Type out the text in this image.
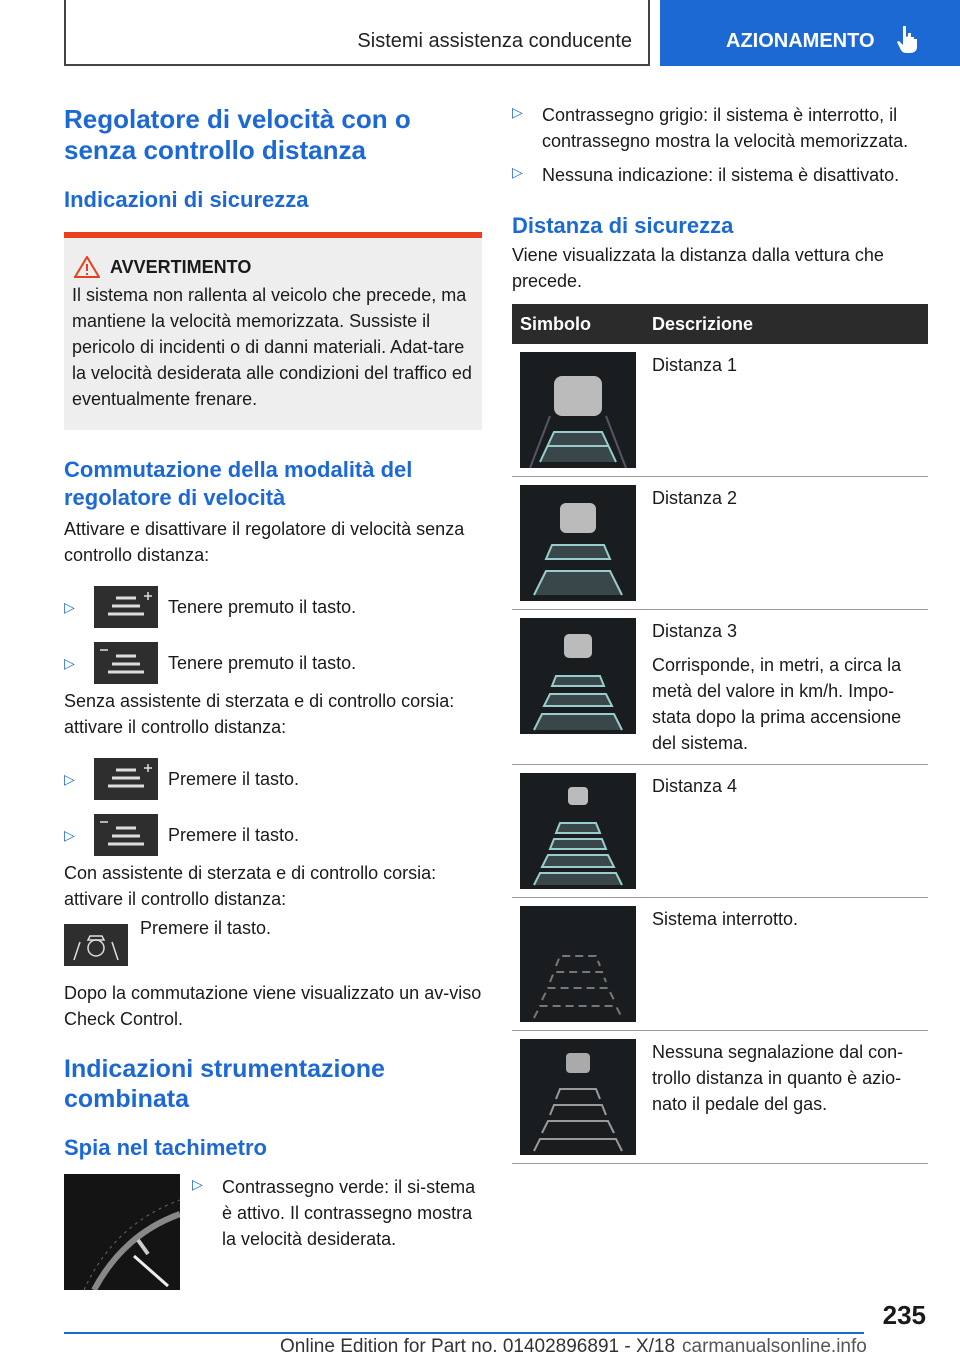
Sistemi assistenza conducente	AZIONAMENTO
Regolatore di velocità con o senza controllo distanza
Indicazioni di sicurezza
AVVERTIMENTO

Il sistema non rallenta al veicolo che precede, ma mantiene la velocità memorizzata. Sussiste il pericolo di incidenti o di danni materiali. Adat-tare la velocità desiderata alle condizioni del traffico ed eventualmente frenare.

Commutazione della modalità del regolatore di velocità

Attivare e disattivare il regolatore di velocità senza controllo distanza:

▷	Tenere premuto il tasto.
▷	Tenere premuto il tasto.

Senza assistente di sterzata e di controllo corsia: attivare il controllo distanza:

▷	Premere il tasto.
▷	Premere il tasto.

Con assistente di sterzata e di controllo corsia: attivare il controllo distanza:

Premere il tasto.

Dopo la commutazione viene visualizzato un av-viso Check Control.

Indicazioni strumentazione combinata
Spia nel tachimetro
▷	Contrassegno verde: il si-stema è attivo. Il contrassegno mostra la velocità desiderata.

▷	Contrassegno grigio: il sistema è interrotto, il contrassegno mostra la velocità memorizzata.

▷	Nessuna indicazione: il sistema è disattivato.

Distanza di sicurezza

Viene visualizzata la distanza dalla vettura che precede.

Simbolo	Descrizione

Distanza 1

Distanza 2

Distanza 3
Corrisponde, in metri, a circa la metà del valore in km/h. Impo-stata dopo la prima accensione del sistema.

Distanza 4

Sistema interrotto.

Nessuna segnalazione dal con-trollo distanza in quanto è azio-nato il pedale del gas.
235
Online Edition for Part no. 01402896891 - X/18 carmanualsonline.info
